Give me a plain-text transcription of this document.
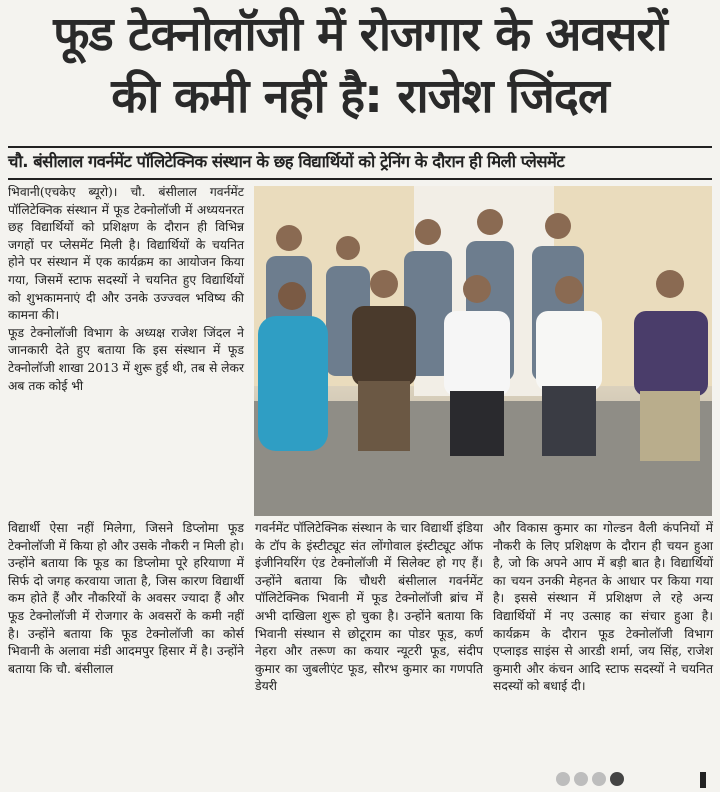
फूड टेक्नोलॉजी में रोजगार के अवसरों
की कमी नहीं है: राजेश जिंदल
चौ. बंसीलाल गवर्नमेंट पॉलिटेक्निक संस्थान के छह विद्यार्थियों को ट्रेनिंग के दौरान ही मिली प्लेसमेंट

भिवानी(एचकेए ब्यूरो)। चौ. बंसीलाल गवर्नमेंट पॉलिटेक्निक संस्थान में फूड टेक्नोलॉजी में अध्ययनरत छह विद्यार्थियों को प्रशिक्षण के दौरान ही विभिन्न जगहों पर प्लेसमेंट मिली है। विद्यार्थियों के चयनित होने पर संस्थान में एक कार्यक्रम का आयोजन किया गया, जिसमें स्टाफ सदस्यों ने चयनित हुए विद्यार्थियों को शुभकामनाएं दी और उनके उज्ज्वल भविष्य की कामना की।

फूड टेक्नोलॉजी विभाग के अध्यक्ष राजेश जिंदल ने जानकारी देते हुए बताया कि इस संस्थान में फूड टेक्नोलॉजी शाखा 2013 में शुरू हुई थी, तब से लेकर अब तक कोई भी

विद्यार्थी ऐसा नहीं मिलेगा, जिसने डिप्लोमा फूड टेक्नोलॉजी में किया हो और उसके नौकरी न मिली हो। उन्होंने बताया कि फूड का डिप्लोमा पूरे हरियाणा में सिर्फ दो जगह करवाया जाता है, जिस कारण विद्यार्थी कम होते हैं और नौकरियों के अवसर ज्यादा हैं और फूड टेक्नोलॉजी में रोजगार के अवसरों के कमी नहीं है। उन्होंने बताया कि फूड टेक्नोलॉजी का कोर्स भिवानी के अलावा मंडी आदमपुर हिसार में है। उन्होंने बताया कि चौ. बंसीलाल
गवर्नमेंट पॉलिटेक्निक संस्थान के चार विद्यार्थी इंडिया के टॉप के इंस्टीट्यूट संत लोंगोवाल इंस्टीट्यूट ऑफ इंजीनियरिंग एंड टेक्नोलॉजी में सिलेक्ट हो गए हैं। उन्होंने बताया कि चौधरी बंसीलाल गवर्नमेंट पॉलिटेक्निक भिवानी में फूड टेक्नोलॉजी ब्रांच में अभी दाखिला शुरू हो चुका है। उन्होंने बताया कि भिवानी संस्थान से छोटूराम का पोडर फूड, कर्ण नेहरा और तरूण का कयार न्यूटरी फूड, संदीप कुमार का जुबलीएंट फूड, सौरभ कुमार का गणपति डेयरी
और विकास कुमार का गोल्डन वैली कंपनियों में नौकरी के लिए प्रशिक्षण के दौरान ही चयन हुआ है, जो कि अपने आप में बड़ी बात है। विद्यार्थियों का चयन उनकी मेहनत के आधार पर किया गया है। इससे संस्थान में प्रशिक्षण ले रहे अन्य विद्यार्थियों में नए उत्साह का संचार हुआ है। कार्यक्रम के दौरान फूड टेक्नोलॉजी विभाग एप्लाइड साइंस से आरडी शर्मा, जय सिंह, राजेश कुमारी और कंचन आदि स्टाफ सदस्यों ने चयनित सदस्यों को बधाई दी।
